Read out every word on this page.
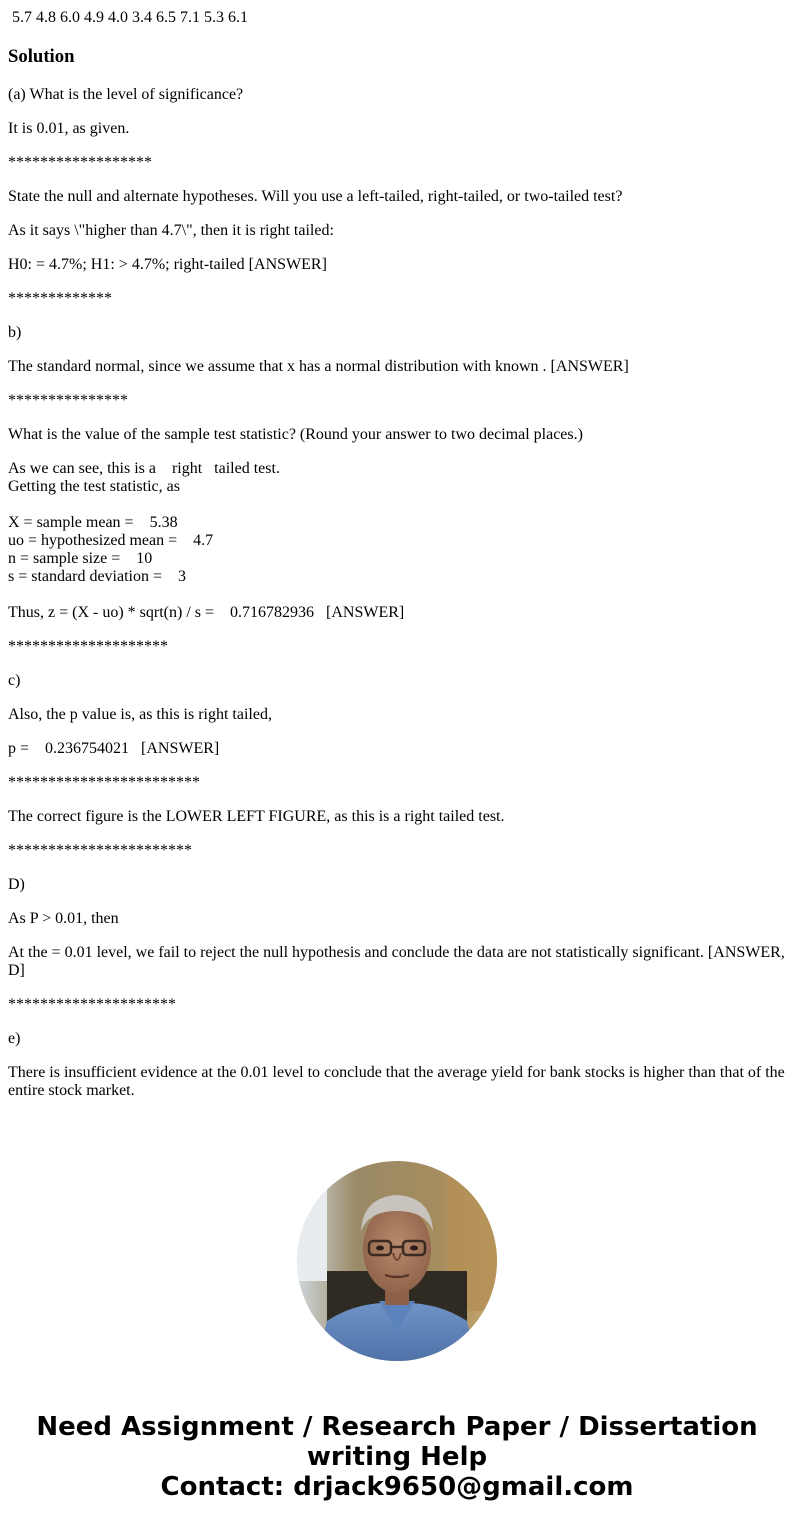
5.7 4.8 6.0 4.9 4.0 3.4 6.5 7.1 5.3 6.1
Solution

(a) What is the level of significance?

It is 0.01, as given.

******************

State the null and alternate hypotheses. Will you use a left-tailed, right-tailed, or two-tailed test?

As it says \"higher than 4.7\", then it is right tailed:

H0: = 4.7%; H1: > 4.7%; right-tailed [ANSWER]

*************

b)

The standard normal, since we assume that x has a normal distribution with known . [ANSWER]

***************

What is the value of the sample test statistic? (Round your answer to two decimal places.)

As we can see, this is a    right   tailed test.
Getting the test statistic, as
X = sample mean =    5.38
uo = hypothesized mean =    4.7
n = sample size =    10
s = standard deviation =    3
Thus, z = (X - uo) * sqrt(n) / s =    0.716782936   [ANSWER]

********************

c)

Also, the p value is, as this is right tailed,

p =    0.236754021   [ANSWER]

************************

The correct figure is the LOWER LEFT FIGURE, as this is a right tailed test.

***********************

D)

As P > 0.01, then

At the = 0.01 level, we fail to reject the null hypothesis and conclude the data are not statistically significant. [ANSWER, D]

*********************

e)

There is insufficient evidence at the 0.01 level to conclude that the average yield for bank stocks is higher than that of the entire stock market.

Need Assignment / Research Paper / Dissertation
writing Help
Contact: drjack9650@gmail.com
